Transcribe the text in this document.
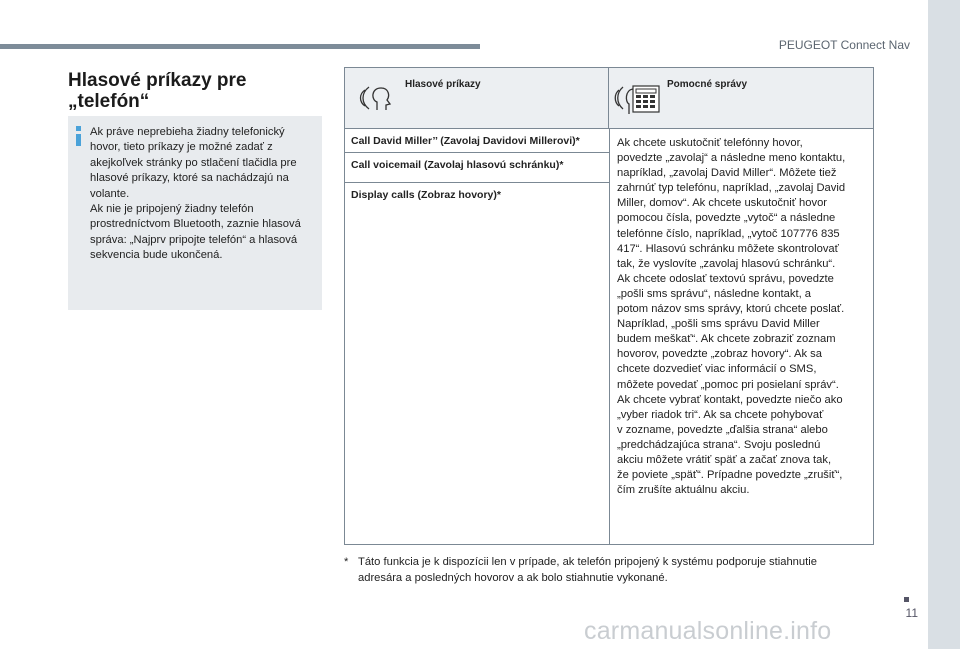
PEUGEOT Connect Nav
Hlasové príkazy pre
„telefón“
Ak práve neprebieha žiadny telefonický
hovor, tieto príkazy je možné zadať z
akejkoľvek stránky po stlačení tlačidla pre
hlasové príkazy, ktoré sa nachádzajú na
volante.
Ak nie je pripojený žiadny telefón
prostredníctvom Bluetooth, zaznie hlasová
správa: „Najprv pripojte telefón“ a hlasová
sekvencia bude ukončená.
Hlasové príkazy	Pomocné správy
Call David Miller’’ (Zavolaj Davidovi Millerovi)*
Call voicemail (Zavolaj hlasovú schránku)*
Display calls (Zobraz hovory)*
Ak chcete uskutočniť telefónny hovor,
povedzte „zavolaj“ a následne meno kontaktu,
napríklad, „zavolaj David Miller“. Môžete tiež
zahrnúť typ telefónu, napríklad, „zavolaj David
Miller, domov“. Ak chcete uskutočniť hovor
pomocou čísla, povedzte „vytoč“ a následne
telefónne číslo, napríklad, „vytoč 107776 835
417“. Hlasovú schránku môžete skontrolovať
tak, že vyslovíte „zavolaj hlasovú schránku“.
Ak chcete odoslať textovú správu, povedzte
„pošli sms správu“, následne kontakt, a
potom názov sms správy, ktorú chcete poslať.
Napríklad, „pošli sms správu David Miller
budem meškať“. Ak chcete zobraziť zoznam
hovorov, povedzte „zobraz hovory“. Ak sa
chcete dozvedieť viac informácií o SMS,
môžete povedať „pomoc pri posielaní správ“.
Ak chcete vybrať kontakt, povedzte niečo ako
„vyber riadok tri“. Ak sa chcete pohybovať
v zozname, povedzte „ďalšia strana“ alebo
„predchádzajúca strana“. Svoju poslednú
akciu môžete vrátiť späť a začať znova tak,
že poviete „späť“. Prípadne povedzte „zrušiť“,
čím zrušíte aktuálnu akciu.
* Táto funkcia je k dispozícii len v prípade, ak telefón pripojený k systému podporuje stiahnutie
adresára a posledných hovorov a ak bolo stiahnutie vykonané.
11
carmanualsonline.info
